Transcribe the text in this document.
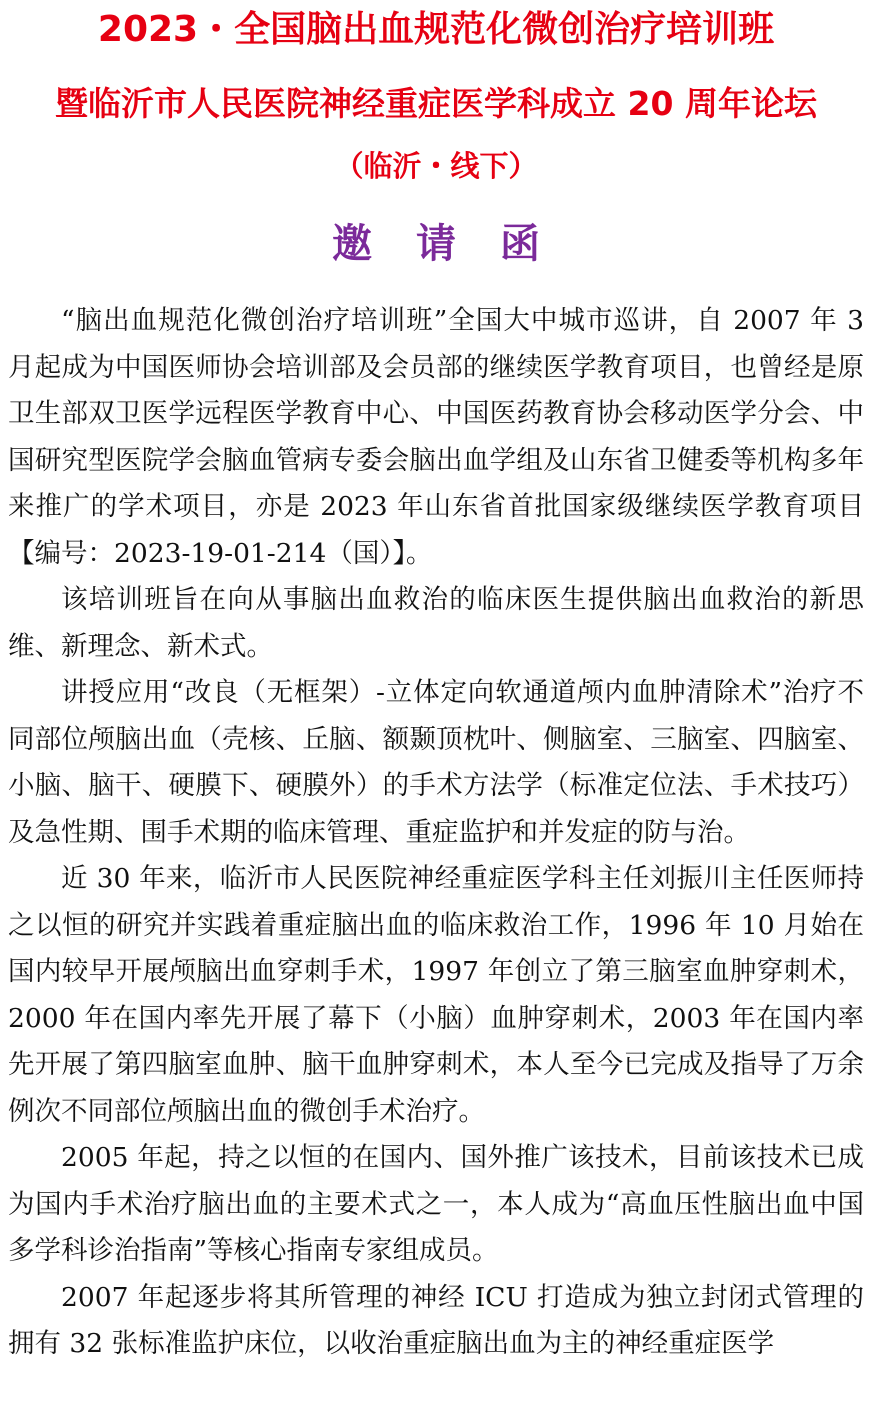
2023・全国脑出血规范化微创治疗培训班
暨临沂市人民医院神经重症医学科成立 20 周年论坛
（临沂・线下）
邀请函

“脑出血规范化微创治疗培训班”全国大中城市巡讲，自 2007 年 3 月起成为中国医师协会培训部及会员部的继续医学教育项目，也曾经是原卫生部双卫医学远程医学教育中心、中国医药教育协会移动医学分会、中国研究型医院学会脑血管病专委会脑出血学组及山东省卫健委等机构多年来推广的学术项目，亦是 2023 年山东省首批国家级继续医学教育项目【编号：2023-19-01-214（国）】。

该培训班旨在向从事脑出血救治的临床医生提供脑出血救治的新思维、新理念、新术式。

讲授应用“改良（无框架）-立体定向软通道颅内血肿清除术”治疗不同部位颅脑出血（壳核、丘脑、额颞顶枕叶、侧脑室、三脑室、四脑室、小脑、脑干、硬膜下、硬膜外）的手术方法学（标准定位法、手术技巧）及急性期、围手术期的临床管理、重症监护和并发症的防与治。

近 30 年来，临沂市人民医院神经重症医学科主任刘振川主任医师持之以恒的研究并实践着重症脑出血的临床救治工作，1996 年 10 月始在国内较早开展颅脑出血穿刺手术，1997 年创立了第三脑室血肿穿刺术，2000 年在国内率先开展了幕下（小脑）血肿穿刺术，2003 年在国内率先开展了第四脑室血肿、脑干血肿穿刺术，本人至今已完成及指导了万余例次不同部位颅脑出血的微创手术治疗。

2005 年起，持之以恒的在国内、国外推广该技术，目前该技术已成为国内手术治疗脑出血的主要术式之一，本人成为“高血压性脑出血中国多学科诊治指南”等核心指南专家组成员。

2007 年起逐步将其所管理的神经 ICU 打造成为独立封闭式管理的拥有 32 张标准监护床位，以收治重症脑出血为主的神经重症医学
